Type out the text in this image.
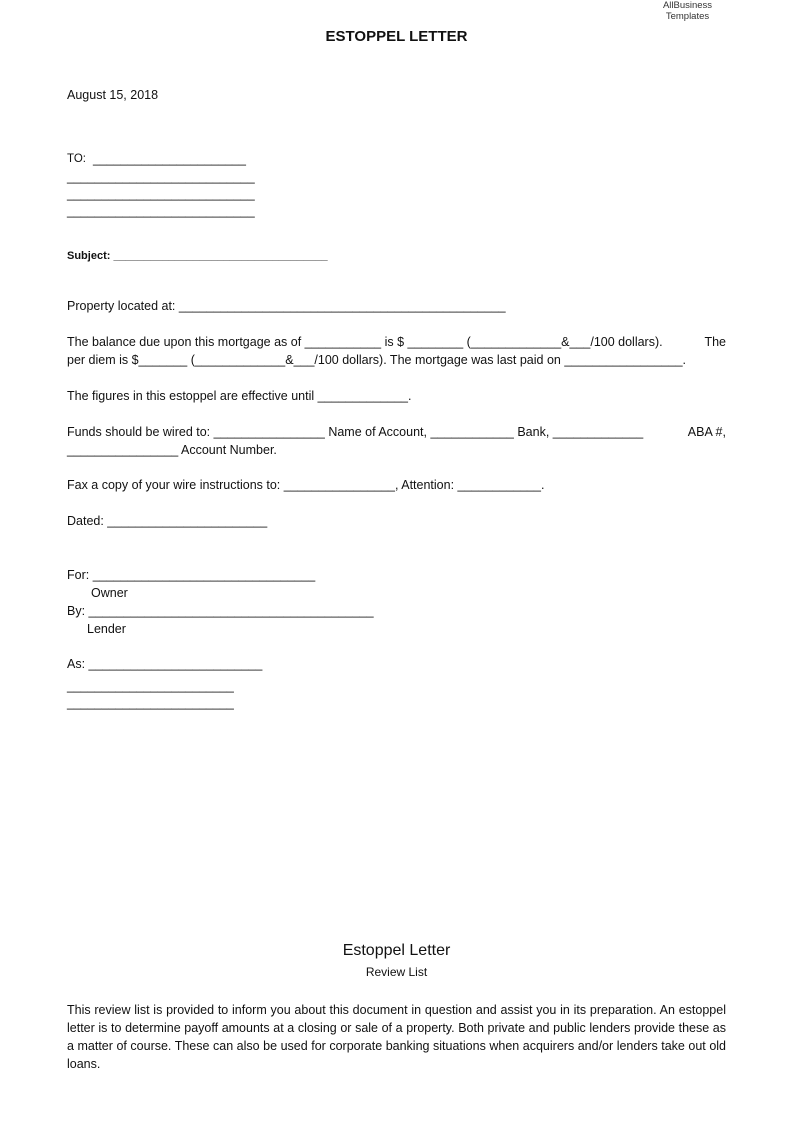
AllBusiness
Templates
ESTOPPEL LETTER
August 15, 2018
TO: ______________________
___________________________
___________________________
___________________________
Subject: ___________________________________
Property located at: _______________________________________________
The balance due upon this mortgage as of ___________ is $ ________ (_____________&___/100 dollars).	The
per diem is $_______ (_____________&___/100 dollars). The mortgage was last paid on _________________.
The figures in this estoppel are effective until _____________.
Funds should be wired to: ________________ Name of Account, ____________ Bank, _____________	ABA #,
________________ Account Number.
Fax a copy of your wire instructions to: ________________, Attention: ____________.
Dated: _______________________
For: ________________________________
Owner
By: _________________________________________
Lender
As: _________________________
________________________
________________________
Estoppel Letter
Review List
This review list is provided to inform you about this document in question and assist you in its preparation. An estoppel letter is to determine payoff amounts at a closing or sale of a property. Both private and public lenders provide these as a matter of course. These can also be used for corporate banking situations when acquirers and/or lenders take out old loans.
